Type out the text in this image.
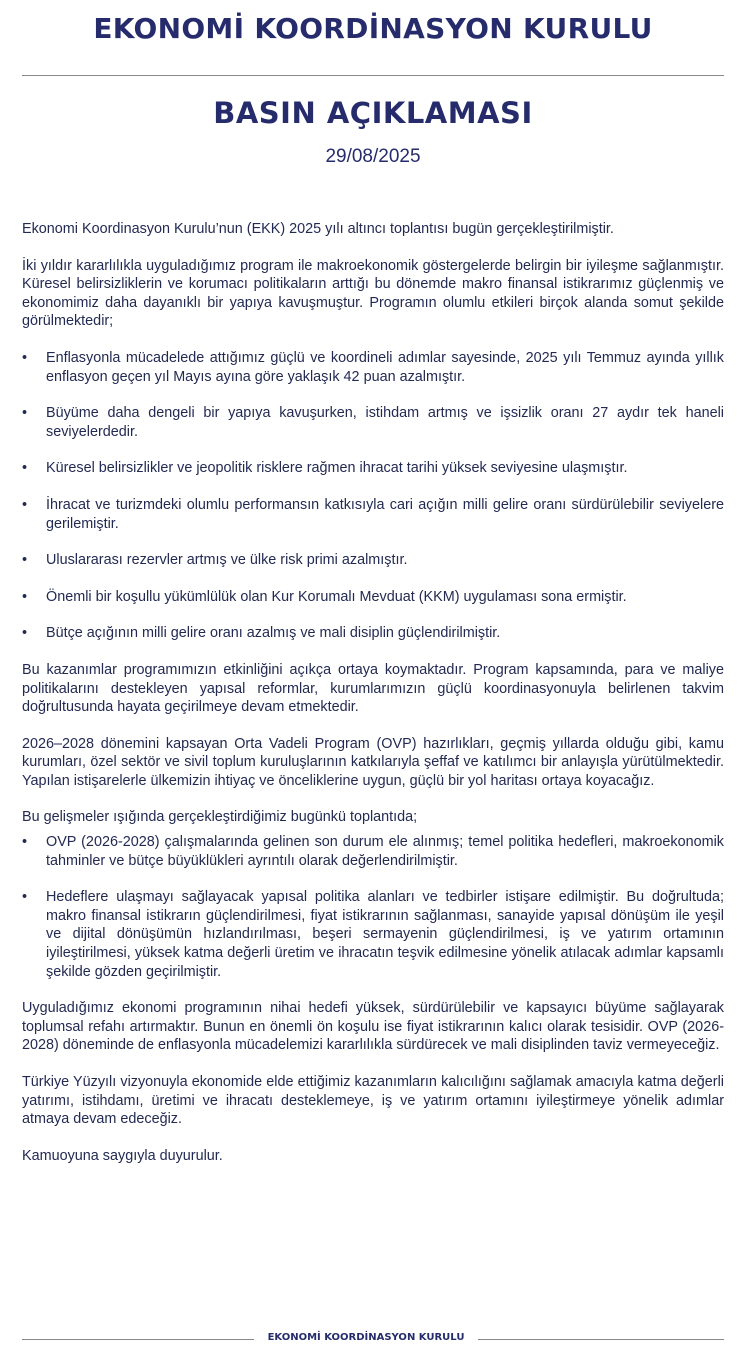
EKONOMİ KOORDİNASYON KURULU
BASIN AÇIKLAMASI
29/08/2025

Ekonomi Koordinasyon Kurulu’nun (EKK) 2025 yılı altıncı toplantısı bugün gerçekleştirilmiştir.

İki yıldır kararlılıkla uyguladığımız program ile makroekonomik göstergelerde belirgin bir iyileşme sağlanmıştır. Küresel belirsizliklerin ve korumacı politikaların arttığı bu dönemde makro finansal istikrarımız güçlenmiş ve ekonomimiz daha dayanıklı bir yapıya kavuşmuştur. Programın olumlu etkileri birçok alanda somut şekilde görülmektedir;

• Enflasyonla mücadelede attığımız güçlü ve koordineli adımlar sayesinde, 2025 yılı Temmuz ayında yıllık enflasyon geçen yıl Mayıs ayına göre yaklaşık 42 puan azalmıştır.
• Büyüme daha dengeli bir yapıya kavuşurken, istihdam artmış ve işsizlik oranı 27 aydır tek haneli seviyelerdedir.
• Küresel belirsizlikler ve jeopolitik risklere rağmen ihracat tarihi yüksek seviyesine ulaşmıştır.
• İhracat ve turizmdeki olumlu performansın katkısıyla cari açığın milli gelire oranı sürdürülebilir seviyelere gerilemiştir.
• Uluslararası rezervler artmış ve ülke risk primi azalmıştır.
• Önemli bir koşullu yükümlülük olan Kur Korumalı Mevduat (KKM) uygulaması sona ermiştir.
• Bütçe açığının milli gelire oranı azalmış ve mali disiplin güçlendirilmiştir.

Bu kazanımlar programımızın etkinliğini açıkça ortaya koymaktadır. Program kapsamında, para ve maliye politikalarını destekleyen yapısal reformlar, kurumlarımızın güçlü koordinasyonuyla belirlenen takvim doğrultusunda hayata geçirilmeye devam etmektedir.

2026–2028 dönemini kapsayan Orta Vadeli Program (OVP) hazırlıkları, geçmiş yıllarda olduğu gibi, kamu kurumları, özel sektör ve sivil toplum kuruluşlarının katkılarıyla şeffaf ve katılımcı bir anlayışla yürütülmektedir. Yapılan istişarelerle ülkemizin ihtiyaç ve önceliklerine uygun, güçlü bir yol haritası ortaya koyacağız.

Bu gelişmeler ışığında gerçekleştirdiğimiz bugünkü toplantıda;

• OVP (2026-2028) çalışmalarında gelinen son durum ele alınmış; temel politika hedefleri, makroekonomik tahminler ve bütçe büyüklükleri ayrıntılı olarak değerlendirilmiştir.
• Hedeflere ulaşmayı sağlayacak yapısal politika alanları ve tedbirler istişare edilmiştir. Bu doğrultuda; makro finansal istikrarın güçlendirilmesi, fiyat istikrarının sağlanması, sanayide yapısal dönüşüm ile yeşil ve dijital dönüşümün hızlandırılması, beşeri sermayenin güçlendirilmesi, iş ve yatırım ortamının iyileştirilmesi, yüksek katma değerli üretim ve ihracatın teşvik edilmesine yönelik atılacak adımlar kapsamlı şekilde gözden geçirilmiştir.

Uyguladığımız ekonomi programının nihai hedefi yüksek, sürdürülebilir ve kapsayıcı büyüme sağlayarak toplumsal refahı artırmaktır. Bunun en önemli ön koşulu ise fiyat istikrarının kalıcı olarak tesisidir. OVP (2026-2028) döneminde de enflasyonla mücadelemizi kararlılıkla sürdürecek ve mali disiplinden taviz vermeyeceğiz.

Türkiye Yüzyılı vizyonuyla ekonomide elde ettiğimiz kazanımların kalıcılığını sağlamak amacıyla katma değerli yatırımı, istihdamı, üretimi ve ihracatı desteklemeye, iş ve yatırım ortamını iyileştirmeye yönelik adımlar atmaya devam edeceğiz.

Kamuoyuna saygıyla duyurulur.

EKONOMİ KOORDİNASYON KURULU
